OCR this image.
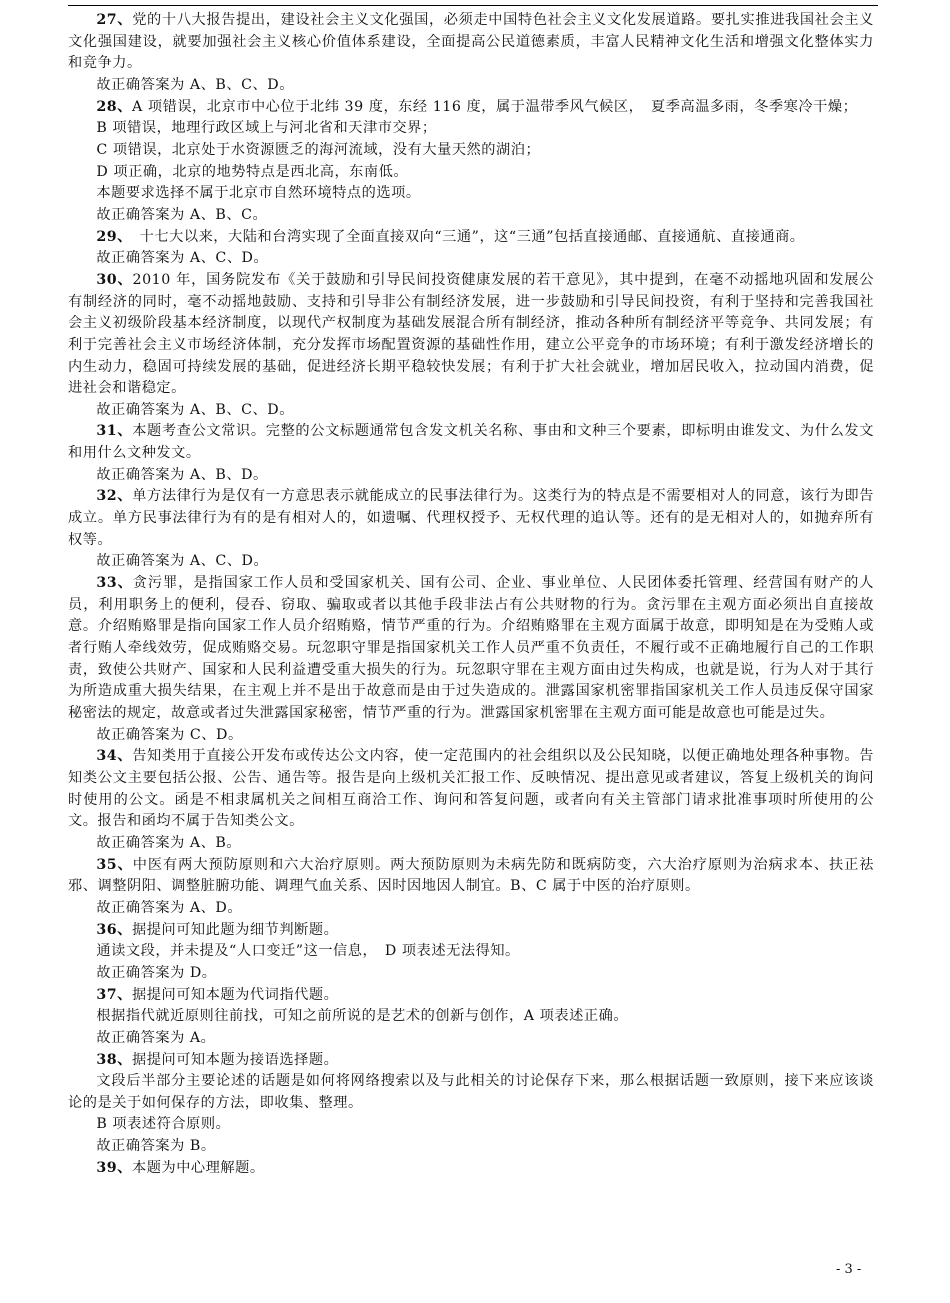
27、党的十八大报告提出，建设社会主义文化强国，必须走中国特色社会主义文化发展道路。要扎实推进我国社会主义文化强国建设，就要加强社会主义核心价值体系建设，全面提高公民道德素质，丰富人民精神文化生活和增强文化整体实力和竞争力。

故正确答案为 A、B、C、D。

28、A 项错误，北京市中心位于北纬 39 度，东经 116 度，属于温带季风气候区，　夏季高温多雨，冬季寒冷干燥；

B 项错误，地理行政区域上与河北省和天津市交界；

C 项错误，北京处于水资源匮乏的海河流域，没有大量天然的湖泊；

D 项正确，北京的地势特点是西北高，东南低。

本题要求选择不属于北京市自然环境特点的选项。

故正确答案为 A、B、C。

29、　十七大以来，大陆和台湾实现了全面直接双向“三通”，这“三通”包括直接通邮、直接通航、直接通商。

故正确答案为 A、C、D。

30、2010 年，国务院发布《关于鼓励和引导民间投资健康发展的若干意见》，其中提到，在毫不动摇地巩固和发展公有制经济的同时，毫不动摇地鼓励、支持和引导非公有制经济发展，进一步鼓励和引导民间投资，有利于坚持和完善我国社会主义初级阶段基本经济制度，以现代产权制度为基础发展混合所有制经济，推动各种所有制经济平等竞争、共同发展；有利于完善社会主义市场经济体制，充分发挥市场配置资源的基础性作用，建立公平竞争的市场环境；有利于激发经济增长的内生动力，稳固可持续发展的基础，促进经济长期平稳较快发展；有利于扩大社会就业，增加居民收入，拉动国内消费，促进社会和谐稳定。

故正确答案为 A、B、C、D。

31、本题考查公文常识。完整的公文标题通常包含发文机关名称、事由和文种三个要素，即标明由谁发文、为什么发文和用什么文种发文。

故正确答案为 A、B、D。

32、单方法律行为是仅有一方意思表示就能成立的民事法律行为。这类行为的特点是不需要相对人的同意，该行为即告成立。单方民事法律行为有的是有相对人的，如遗嘱、代理权授予、无权代理的追认等。还有的是无相对人的，如抛弃所有权等。

故正确答案为 A、C、D。

33、贪污罪，是指国家工作人员和受国家机关、国有公司、企业、事业单位、人民团体委托管理、经营国有财产的人员，利用职务上的便利，侵吞、窃取、骗取或者以其他手段非法占有公共财物的行为。贪污罪在主观方面必须出自直接故意。介绍贿赂罪是指向国家工作人员介绍贿赂，情节严重的行为。介绍贿赂罪在主观方面属于故意，即明知是在为受贿人或者行贿人牵线效劳，促成贿赂交易。玩忽职守罪是指国家机关工作人员严重不负责任，不履行或不正确地履行自己的工作职责，致使公共财产、国家和人民利益遭受重大损失的行为。玩忽职守罪在主观方面由过失构成，也就是说，行为人对于其行为所造成重大损失结果，在主观上并不是出于故意而是由于过失造成的。泄露国家机密罪指国家机关工作人员违反保守国家秘密法的规定，故意或者过失泄露国家秘密，情节严重的行为。泄露国家机密罪在主观方面可能是故意也可能是过失。

故正确答案为 C、D。

34、告知类用于直接公开发布或传达公文内容，使一定范围内的社会组织以及公民知晓，以便正确地处理各种事物。告知类公文主要包括公报、公告、通告等。报告是向上级机关汇报工作、反映情况、提出意见或者建议，答复上级机关的询问时使用的公文。函是不相隶属机关之间相互商洽工作、询问和答复问题，或者向有关主管部门请求批准事项时所使用的公文。报告和函均不属于告知类公文。

故正确答案为 A、B。

35、中医有两大预防原则和六大治疗原则。两大预防原则为未病先防和既病防变，六大治疗原则为治病求本、扶正祛邪、调整阴阳、调整脏腑功能、调理气血关系、因时因地因人制宜。B、C 属于中医的治疗原则。

故正确答案为 A、D。

36、据提问可知此题为细节判断题。

通读文段，并未提及“人口变迁”这一信息，　D 项表述无法得知。

故正确答案为 D。

37、据提问可知本题为代词指代题。

根据指代就近原则往前找，可知之前所说的是艺术的创新与创作，A 项表述正确。

故正确答案为 A。

38、据提问可知本题为接语选择题。

文段后半部分主要论述的话题是如何将网络搜索以及与此相关的讨论保存下来，那么根据话题一致原则，接下来应该谈论的是关于如何保存的方法，即收集、整理。

B 项表述符合原则。

故正确答案为 B。

39、本题为中心理解题。

- 3 -
